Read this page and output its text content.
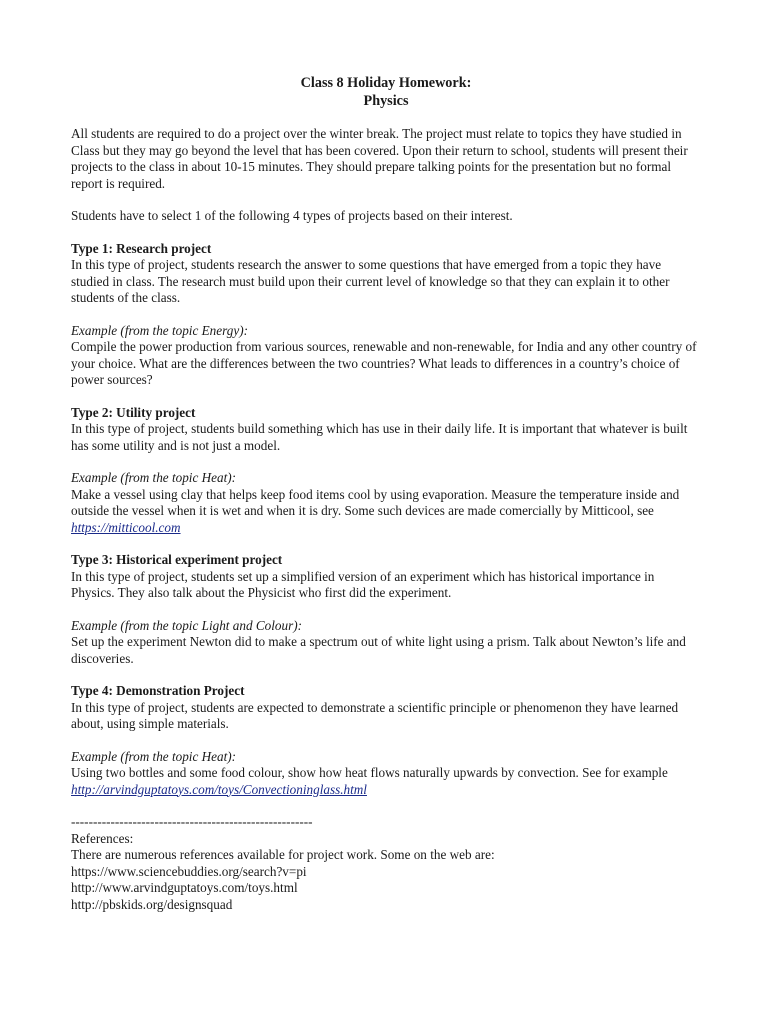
Class 8 Holiday Homework:
Physics

All students are required to do a project over the winter break. The project must relate to topics they have studied in Class but they may go beyond the level that has been covered. Upon their return to school, students will present their projects to the class in about 10-15 minutes. They should prepare talking points for the presentation but no formal report is required.

Students have to select 1 of the following 4 types of projects based on their interest.

Type 1: Research project

In this type of project, students research the answer to some questions that have emerged from a topic they have studied in class. The research must build upon their current level of knowledge so that they can explain it to other students of the class.

Example (from the topic Energy):

Compile the power production from various sources, renewable and non-renewable, for India and any other country of your choice. What are the differences between the two countries? What leads to differences in a country’s choice of power sources?

Type 2: Utility project

In this type of project, students build something which has use in their daily life. It is important that whatever is built has some utility and is not just a model.

Example (from the topic Heat):

Make a vessel using clay that helps keep food items cool by using evaporation. Measure the temperature inside and outside the vessel when it is wet and when it is dry. Some such devices are made comercially by Mitticool, see https://mitticool.com

Type 3: Historical experiment project

In this type of project, students set up a simplified version of an experiment which has historical importance in Physics. They also talk about the Physicist who first did the experiment.

Example (from the topic Light and Colour):

Set up the experiment Newton did to make a spectrum out of white light using a prism. Talk about Newton’s life and discoveries.

Type 4: Demonstration Project

In this type of project, students are expected to demonstrate a scientific principle or phenomenon they have learned about, using simple materials.

Example (from the topic Heat):

Using two bottles and some food colour, show how heat flows naturally upwards by convection. See for example http://arvindguptatoys.com/toys/Convectioninglass.html

-------------------------------------------------------

References:

There are numerous references available for project work. Some on the web are:

https://www.sciencebuddies.org/search?v=pi

http://www.arvindguptatoys.com/toys.html

http://pbskids.org/designsquad
